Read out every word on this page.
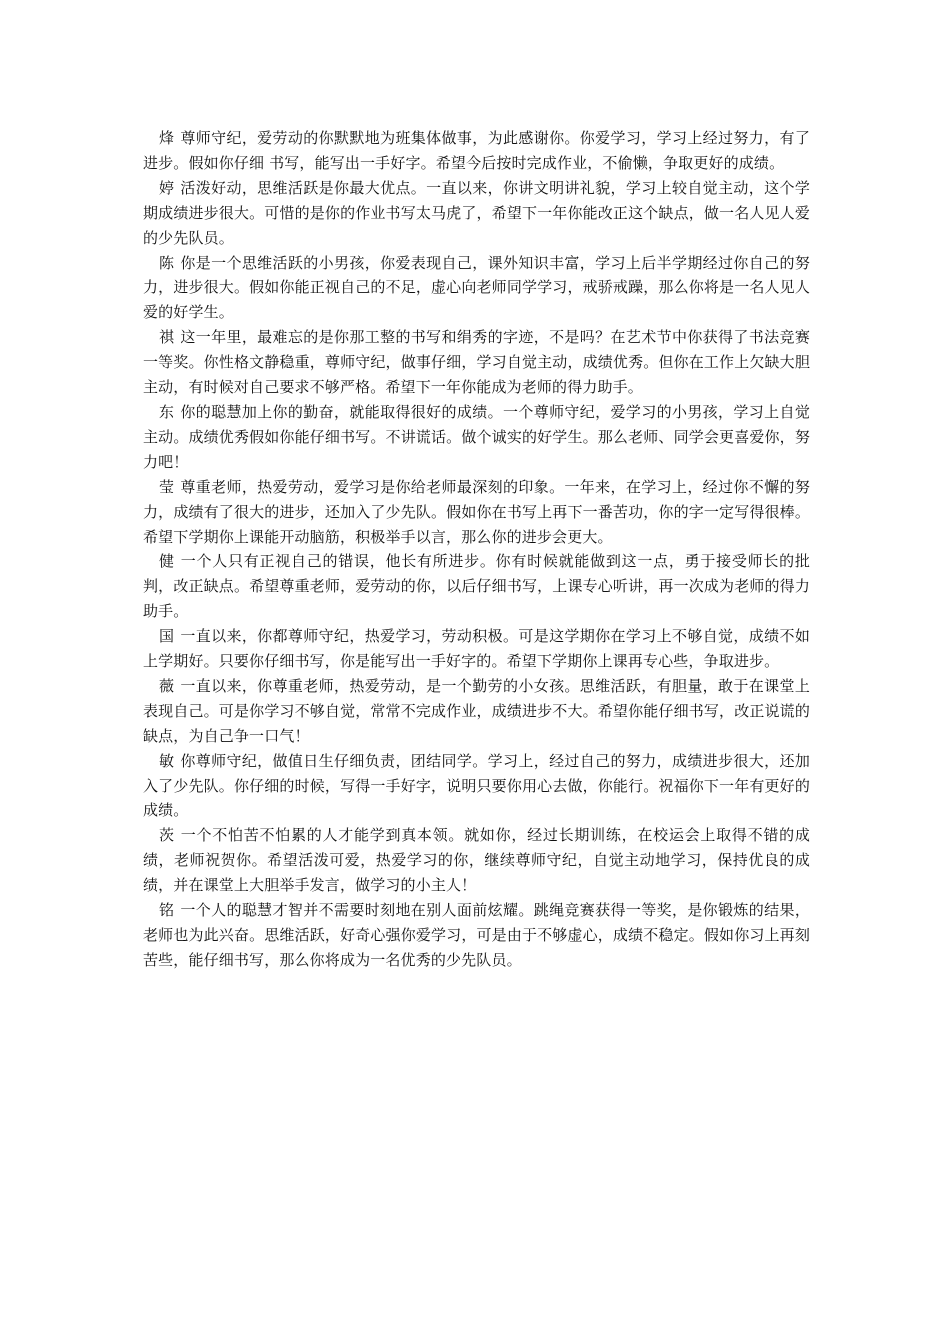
烽 尊师守纪，爱劳动的你默默地为班集体做事，为此感谢你。你爱学习，学习上经过努力，有了进步。假如你仔细 书写，能写出一手好字。希望今后按时完成作业，不偷懒，争取更好的成绩。

婷 活泼好动，思维活跃是你最大优点。一直以来，你讲文明讲礼貌，学习上较自觉主动，这个学期成绩进步很大。可惜的是你的作业书写太马虎了，希望下一年你能改正这个缺点，做一名人见人爱的少先队员。

陈 你是一个思维活跃的小男孩，你爱表现自己，课外知识丰富，学习上后半学期经过你自己的努力，进步很大。假如你能正视自己的不足，虚心向老师同学学习，戒骄戒躁，那么你将是一名人见人爱的好学生。

祺 这一年里，最难忘的是你那工整的书写和绢秀的字迹，不是吗？在艺术节中你获得了书法竞赛一等奖。你性格文静稳重，尊师守纪，做事仔细，学习自觉主动，成绩优秀。但你在工作上欠缺大胆主动，有时候对自己要求不够严格。希望下一年你能成为老师的得力助手。

东 你的聪慧加上你的勤奋，就能取得很好的成绩。一个尊师守纪，爱学习的小男孩，学习上自觉主动。成绩优秀假如你能仔细书写。不讲谎话。做个诚实的好学生。那么老师、同学会更喜爱你，努力吧！

莹 尊重老师，热爱劳动，爱学习是你给老师最深刻的印象。一年来，在学习上，经过你不懈的努力，成绩有了很大的进步，还加入了少先队。假如你在书写上再下一番苦功，你的字一定写得很棒。希望下学期你上课能开动脑筋，积极举手以言，那么你的进步会更大。

健 一个人只有正视自己的错误，他长有所进步。你有时候就能做到这一点，勇于接受师长的批判，改正缺点。希望尊重老师，爱劳动的你，以后仔细书写，上课专心听讲，再一次成为老师的得力助手。

国 一直以来，你都尊师守纪，热爱学习，劳动积极。可是这学期你在学习上不够自觉，成绩不如上学期好。只要你仔细书写，你是能写出一手好字的。希望下学期你上课再专心些，争取进步。

薇 一直以来，你尊重老师，热爱劳动，是一个勤劳的小女孩。思维活跃，有胆量，敢于在课堂上表现自己。可是你学习不够自觉，常常不完成作业，成绩进步不大。希望你能仔细书写，改正说谎的缺点，为自己争一口气！

敏 你尊师守纪，做值日生仔细负责，团结同学。学习上，经过自己的努力，成绩进步很大，还加入了少先队。你仔细的时候，写得一手好字，说明只要你用心去做，你能行。祝福你下一年有更好的成绩。

茨 一个不怕苦不怕累的人才能学到真本领。就如你，经过长期训练，在校运会上取得不错的成绩，老师祝贺你。希望活泼可爱，热爱学习的你，继续尊师守纪，自觉主动地学习，保持优良的成绩，并在课堂上大胆举手发言，做学习的小主人！

铭 一个人的聪慧才智并不需要时刻地在别人面前炫耀。跳绳竞赛获得一等奖，是你锻炼的结果，老师也为此兴奋。思维活跃，好奇心强你爱学习，可是由于不够虚心，成绩不稳定。假如你习上再刻苦些，能仔细书写，那么你将成为一名优秀的少先队员。
